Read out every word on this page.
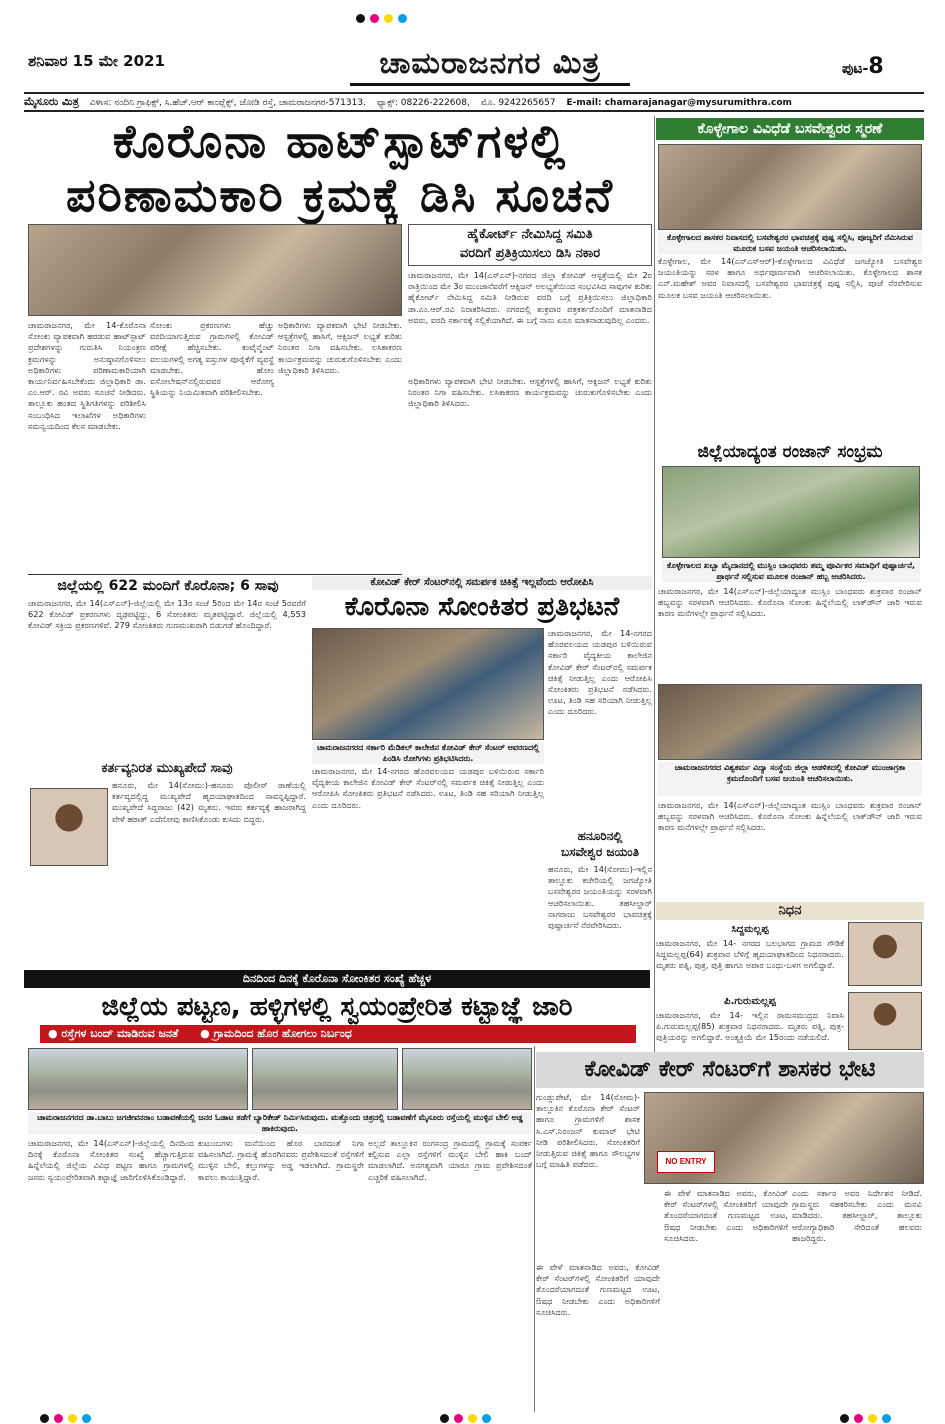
ಶನಿವಾರ 15 ಮೇ 2021	ಚಾಮರಾಜನಗರ ಮಿತ್ರ	ಪುಟ-8
ಮೈಸೂರು ಮಿತ್ರ ವಿಳಾಸ: ನಂದಿನಿ ಗ್ರಾಫಿಕ್ಸ್, ಸಿ.ಹೆಚ್.ಆರ್ ಕಾಂಪ್ಲೆಕ್ಸ್, ಜೋಡಿ ರಸ್ತೆ, ಚಾಮರಾಜನಗರ-571313. ಫ್ಯಾಕ್ಸ್: 08226-222608, ಮೊ. 9242265657 E-mail: chamarajanagar@mysurumithra.com
ಕೊರೊನಾ ಹಾಟ್‌ಸ್ಪಾಟ್‌ಗಳಲ್ಲಿ
ಪರಿಣಾಮಕಾರಿ ಕ್ರಮಕ್ಕೆ ಡಿಸಿ ಸೂಚನೆ
ಹೈಕೋರ್ಟ್ ನೇಮಿಸಿದ್ದ ಸಮಿತಿ
ವರದಿಗೆ ಪ್ರತಿಕ್ರಿಯಿಸಲು ಡಿಸಿ ನಕಾರ
ಚಾಮರಾಜನಗರ, ಮೇ 14(ಎಸ್‌ಎನ್)-ನಗರದ ಜಿಲ್ಲಾ ಕೋವಿಡ್ ಆಸ್ಪತ್ರೆಯಲ್ಲಿ ಮೇ 2ರ ರಾತ್ರಿಯಿಂದ ಮೇ 3ರ ಮುಂಜಾನೆವರೆಗೆ ಆಕ್ಸಿಜನ್ ಅಲಭ್ಯತೆಯಿಂದ ಸಂಭವಿಸಿದ ಸಾವುಗಳ ಕುರಿತು ಹೈಕೋರ್ಟ್ ನೇಮಿಸಿದ್ದ ಸಮಿತಿ ನೀಡಿರುವ ವರದಿ ಬಗ್ಗೆ ಪ್ರತಿಕ್ರಿಯಿಸಲು ಜಿಲ್ಲಾಧಿಕಾರಿ ಡಾ.ಎಂ.ಆರ್.ರವಿ ನಿರಾಕರಿಸಿದರು. ನಗರದಲ್ಲಿ ಶುಕ್ರವಾರ ಪತ್ರಕರ್ತರೊಂದಿಗೆ ಮಾತನಾಡಿದ ಅವರು, ವರದಿ ಸರ್ಕಾರಕ್ಕೆ ಸಲ್ಲಿಕೆಯಾಗಿದೆ. ಈ ಬಗ್ಗೆ ನಾನು ಏನೂ ಮಾತನಾಡುವುದಿಲ್ಲ ಎಂದರು.
ಚಾಮರಾಜನಗರ, ಮೇ 14-ಕೊರೊನಾ ಸೋಂಕು ವ್ಯಾಪಕವಾಗಿ ಹರಡುವ ಹಾಟ್‌ಸ್ಪಾಟ್ ಪ್ರದೇಶಗಳನ್ನು ಗುರುತಿಸಿ ನಿಯಂತ್ರಣ ಕ್ರಮಗಳನ್ನು ಅನುಷ್ಠಾನಗೊಳಿಸಲು ಅಧಿಕಾರಿಗಳು ಪರಿಣಾಮಕಾರಿಯಾಗಿ ಕಾರ್ಯನಿರ್ವಹಿಸಬೇಕೆಂದು ಜಿಲ್ಲಾಧಿಕಾರಿ ಡಾ. ಎಂ.ಆರ್. ರವಿ ಅವರು ಸೂಚನೆ ನೀಡಿದರು. ತಾಲ್ಲೂಕು ಹಂತದ ಸ್ಥಿತಿಗತಿಗಳನ್ನು ಪರಿಶೀಲಿಸಿ ಸಂಬಂಧಿಸಿದ ಇಲಾಖೆಗಳ ಅಧಿಕಾರಿಗಳು ಸಮನ್ವಯದಿಂದ ಕೆಲಸ ಮಾಡಬೇಕು.
ಸೋಂಕು ಪ್ರಕರಣಗಳು ಹೆಚ್ಚು ವರದಿಯಾಗುತ್ತಿರುವ ಗ್ರಾಮಗಳಲ್ಲಿ ಕೋವಿಡ್ ಪರೀಕ್ಷೆ ಹೆಚ್ಚಿಸಬೇಕು. ಕಂಟೈನ್ಮೆಂಟ್ ವಲಯಗಳಲ್ಲಿ ಅಗತ್ಯ ವಸ್ತುಗಳ ಪೂರೈಕೆಗೆ ವ್ಯವಸ್ಥೆ ಮಾಡಬೇಕು. ಹೋಂ ಐಸೋಲೇಷನ್‌ನಲ್ಲಿರುವವರ ಆರೋಗ್ಯ ಸ್ಥಿತಿಯನ್ನು ನಿಯಮಿತವಾಗಿ ಪರಿಶೀಲಿಸಬೇಕು.
ಅಧಿಕಾರಿಗಳು ವ್ಯಾಪಕವಾಗಿ ಭೇಟಿ ನೀಡಬೇಕು. ಆಸ್ಪತ್ರೆಗಳಲ್ಲಿ ಹಾಸಿಗೆ, ಆಕ್ಸಿಜನ್ ಲಭ್ಯತೆ ಕುರಿತು ನಿರಂತರ ನಿಗಾ ವಹಿಸಬೇಕು. ಲಸಿಕಾಕರಣ ಕಾರ್ಯಕ್ರಮವನ್ನು ಚುರುಕುಗೊಳಿಸಬೇಕು ಎಂದು ಜಿಲ್ಲಾಧಿಕಾರಿ ತಿಳಿಸಿದರು.
ಅಧಿಕಾರಿಗಳು ವ್ಯಾಪಕವಾಗಿ ಭೇಟಿ ನೀಡಬೇಕು. ಆಸ್ಪತ್ರೆಗಳಲ್ಲಿ ಹಾಸಿಗೆ, ಆಕ್ಸಿಜನ್ ಲಭ್ಯತೆ ಕುರಿತು ನಿರಂತರ ನಿಗಾ ವಹಿಸಬೇಕು. ಲಸಿಕಾಕರಣ ಕಾರ್ಯಕ್ರಮವನ್ನು ಚುರುಕುಗೊಳಿಸಬೇಕು ಎಂದು ಜಿಲ್ಲಾಧಿಕಾರಿ ತಿಳಿಸಿದರು.
ಕೊಳ್ಳೇಗಾಲ ವಿವಿಧೆಡೆ ಬಸವೇಶ್ವರರ ಸ್ಮರಣೆ
ಕೊಳ್ಳೇಗಾಲದ ಶಾಸಕರ ನಿವಾಸದಲ್ಲಿ ಬಸವೇಶ್ವರರ ಭಾವಚಿತ್ರಕ್ಕೆ ಪುಷ್ಪ ಸಲ್ಲಿಸಿ, ಪೂಜ್ಯರಿಗೆ ನೆಮಿಸಿರುವ ಮೂರುಕ ಬಸವ ಜಯಂತಿ ಆಚರಿಸಲಾಯಿತು.
ಕೊಳ್ಳೇಗಾಲ, ಮೇ 14(ಎನ್‌ಎಸ್‌ಆರ್)-ಕೊಳ್ಳೇಗಾಲದ ವಿವಿಧೆಡೆ ಜಗಜ್ಯೋತಿ ಬಸವೇಶ್ವರ ಜಯಂತಿಯನ್ನು ಸರಳ ಹಾಗೂ ಅರ್ಥಪೂರ್ಣವಾಗಿ ಆಚರಿಸಲಾಯಿತು. ಕೊಳ್ಳೇಗಾಲದ ಶಾಸಕ ಎನ್.ಮಹೇಶ್ ಅವರ ನಿವಾಸದಲ್ಲಿ ಬಸವೇಶ್ವರರ ಭಾವಚಿತ್ರಕ್ಕೆ ಪುಷ್ಪ ಸಲ್ಲಿಸಿ, ಪೂಜೆ ನೆರವೇರಿಸುವ ಮೂಲಕ ಬಸವ ಜಯಂತಿ ಆಚರಿಸಲಾಯಿತು.
ಜಿಲ್ಲೆಯಾದ್ಯಂತ ರಂಜಾನ್ ಸಂಭ್ರಮ
ಕೊಳ್ಳೇಗಾಲದ ಖಬ್ಬಾ ಮೈದಾನದಲ್ಲಿ ಮುಸ್ಲಿಂ ಬಾಂಧವರು ತಮ್ಮ ಪೂರ್ವಿಕರ ಸಮಾಧಿಗೆ ಪುಷ್ಪಾರ್ಚನೆ, ಪ್ರಾರ್ಥನೆ ಸಲ್ಲಿಸುವ ಮೂಲಕ ರಂಜಾನ್ ಹಬ್ಬ ಆಚರಿಸಿದರು.
ಚಾಮರಾಜನಗರ, ಮೇ 14(ಎಸ್‌ಎನ್)-ಜಿಲ್ಲೆಯಾದ್ಯಂತ ಮುಸ್ಲಿಂ ಬಾಂಧವರು ಶುಕ್ರವಾರ ರಂಜಾನ್ ಹಬ್ಬವನ್ನು ಸರಳವಾಗಿ ಆಚರಿಸಿದರು. ಕೊರೊನಾ ಸೋಂಕು ಹಿನ್ನೆಲೆಯಲ್ಲಿ ಲಾಕ್‌ಡೌನ್ ಜಾರಿ ಇರುವ ಕಾರಣ ಮನೆಗಳಲ್ಲೇ ಪ್ರಾರ್ಥನೆ ಸಲ್ಲಿಸಿದರು.
ಚಾಮರಾಜನಗರದ ವಿಶ್ವಕರ್ಮ ವಿದ್ಯಾ ಸಂಸ್ಥೆಯ ಜಿಲ್ಲಾ ಆಡಳಿತದಲ್ಲಿ ಕೋವಿಡ್ ಮುಂಜಾಗ್ರತಾ ಕ್ರಮದೊಂದಿಗೆ ಬಸವ ಜಯಂತಿ ಆಚರಿಸಲಾಯಿತು.
ಚಾಮರಾಜನಗರ, ಮೇ 14(ಎಸ್‌ಎನ್)-ಜಿಲ್ಲೆಯಾದ್ಯಂತ ಮುಸ್ಲಿಂ ಬಾಂಧವರು ಶುಕ್ರವಾರ ರಂಜಾನ್ ಹಬ್ಬವನ್ನು ಸರಳವಾಗಿ ಆಚರಿಸಿದರು. ಕೊರೊನಾ ಸೋಂಕು ಹಿನ್ನೆಲೆಯಲ್ಲಿ ಲಾಕ್‌ಡೌನ್ ಜಾರಿ ಇರುವ ಕಾರಣ ಮನೆಗಳಲ್ಲೇ ಪ್ರಾರ್ಥನೆ ಸಲ್ಲಿಸಿದರು.
ನಿಧನ
ಸಿದ್ದಮಲ್ಲಪ್ಪ
ಚಾಮರಾಜನಗರ, ಮೇ 14- ನಗರದ ಬಲಭಾಗದ ಗ್ರಾಮದ ಗೌಡಿಕೆ ಸಿದ್ದಮಲ್ಲಪ್ಪ(64) ಶುಕ್ರವಾರ ಬೆಳಿಗ್ಗೆ ಹೃದಯಾಘಾತದಿಂದ ನಿಧನರಾದರು. ಮೃತರು ಪತ್ನಿ, ಪುತ್ರ, ಪುತ್ರಿ ಹಾಗೂ ಅಪಾರ ಬಂಧು-ಬಳಗ ಅಗಲಿದ್ದಾರೆ.
ಪಿ.ಗುರುಮಲ್ಲಪ್ಪ
ಚಾಮರಾಜನಗರ, ಮೇ 14- ಇಲ್ಲಿನ ರಾಮಸಮುದ್ರದ ನಿವಾಸಿ ಪಿ.ಗುರುಮಲ್ಲಪ್ಪ(85) ಶುಕ್ರವಾರ ನಿಧನರಾದರು. ಮೃತರು ಪತ್ನಿ, ಪುತ್ರ-ಪುತ್ರಿಯರನ್ನು ಅಗಲಿದ್ದಾರೆ. ಅಂತ್ಯಕ್ರಿಯೆ ಮೇ 15ರಂದು ನಡೆಯಲಿದೆ.
ಜಿಲ್ಲೆಯಲ್ಲಿ 622 ಮಂದಿಗೆ ಕೊರೊನಾ; 6 ಸಾವು
ಚಾಮರಾಜನಗರ, ಮೇ 14(ಎಸ್‌ಎನ್)-ಜಿಲ್ಲೆಯಲ್ಲಿ ಮೇ 13ರ ಸಂಜೆ 5ರಿಂದ ಮೇ 14ರ ಸಂಜೆ 5ರವರೆಗೆ 622 ಕೋವಿಡ್ ಪ್ರಕರಣಗಳು ದೃಢಪಟ್ಟಿದ್ದು, 6 ಸೋಂಕಿತರು ಮೃತಪಟ್ಟಿದ್ದಾರೆ. ಜಿಲ್ಲೆಯಲ್ಲಿ 4,553 ಕೋವಿಡ್ ಸಕ್ರಿಯ ಪ್ರಕರಣಗಳಿವೆ. 279 ಸೋಂಕಿತರು ಗುಣಮುಖರಾಗಿ ಬಿಡುಗಡೆ ಹೊಂದಿದ್ದಾರೆ.
ಕರ್ತವ್ಯನಿರತ ಮುಖ್ಯಪೇದೆ ಸಾವು
ಹನೂರು, ಮೇ 14(ಸೋಮು)-ಹನೂರು ಪೊಲೀಸ್ ಠಾಣೆಯಲ್ಲಿ ಕರ್ತವ್ಯದಲ್ಲಿದ್ದ ಮುಖ್ಯಪೇದೆ ಹೃದಯಾಘಾತದಿಂದ ಸಾವನ್ನಪ್ಪಿದ್ದಾರೆ. ಮುಖ್ಯಪೇದೆ ಸಿದ್ದರಾಜು (42) ಮೃತರು. ಇವರು ಕರ್ತವ್ಯಕ್ಕೆ ಹಾಜರಾಗಿದ್ದ ವೇಳೆ ಹಠಾತ್ ಎದೆನೋವು ಕಾಣಿಸಿಕೊಂಡು ಕುಸಿದು ಬಿದ್ದರು.
ಕೋವಿಡ್ ಕೇರ್ ಸೆಂಟರ್‌ನಲ್ಲಿ ಸಮರ್ಪಕ ಚಿಕಿತ್ಸೆ ಇಲ್ಲವೆಂದು ಆರೋಪಿಸಿ
ಕೊರೊನಾ ಸೋಂಕಿತರ ಪ್ರತಿಭಟನೆ
ಚಾಮರಾಜನಗರದ ಸರ್ಕಾರಿ ಮೆಡಿಕಲ್ ಕಾಲೇಜಿನ ಕೋವಿಡ್ ಕೇರ್ ಸೆಂಟರ್ ಆವರಣದಲ್ಲಿ ಪಿಂಡಿಸಿ ರೋಗಿಗಳು ಪ್ರತಿಭಟಿಸಿದರು.
ಚಾಮರಾಜನಗರ, ಮೇ 14-ನಗರದ ಹೊರವಲಯದ ಯಡಪುರ ಬಳಿಯಿರುವ ಸರ್ಕಾರಿ ವೈದ್ಯಕೀಯ ಕಾಲೇಜಿನ ಕೋವಿಡ್ ಕೇರ್ ಸೆಂಟರ್‌ನಲ್ಲಿ ಸಮರ್ಪಕ ಚಿಕಿತ್ಸೆ ನೀಡುತ್ತಿಲ್ಲ ಎಂದು ಆರೋಪಿಸಿ ಸೋಂಕಿತರು ಪ್ರತಿಭಟನೆ ನಡೆಸಿದರು. ಊಟ, ತಿಂಡಿ ಸಹ ಸರಿಯಾಗಿ ನೀಡುತ್ತಿಲ್ಲ ಎಂದು ದೂರಿದರು.
ಚಾಮರಾಜನಗರ, ಮೇ 14-ನಗರದ ಹೊರವಲಯದ ಯಡಪುರ ಬಳಿಯಿರುವ ಸರ್ಕಾರಿ ವೈದ್ಯಕೀಯ ಕಾಲೇಜಿನ ಕೋವಿಡ್ ಕೇರ್ ಸೆಂಟರ್‌ನಲ್ಲಿ ಸಮರ್ಪಕ ಚಿಕಿತ್ಸೆ ನೀಡುತ್ತಿಲ್ಲ ಎಂದು ಆರೋಪಿಸಿ ಸೋಂಕಿತರು ಪ್ರತಿಭಟನೆ ನಡೆಸಿದರು. ಊಟ, ತಿಂಡಿ ಸಹ ಸರಿಯಾಗಿ ನೀಡುತ್ತಿಲ್ಲ ಎಂದು ದೂರಿದರು.
ಹನೂರಿನಲ್ಲಿ
ಬಸವೇಶ್ವರ ಜಯಂತಿ
ಹನೂರು, ಮೇ 14(ಸೋಮು)-ಇಲ್ಲಿನ ತಾಲ್ಲೂಕು ಕಚೇರಿಯಲ್ಲಿ ಜಗಜ್ಯೋತಿ ಬಸವೇಶ್ವರರ ಜಯಂತಿಯನ್ನು ಸರಳವಾಗಿ ಆಚರಿಸಲಾಯಿತು. ತಹಸೀಲ್ದಾರ್ ನಾಗರಾಜು ಬಸವೇಶ್ವರರ ಭಾವಚಿತ್ರಕ್ಕೆ ಪುಷ್ಪಾರ್ಚನೆ ನೆರವೇರಿಸಿದರು.
ದಿನದಿಂದ ದಿನಕ್ಕೆ ಕೊರೊನಾ ಸೋಂಕಿತರ ಸಂಖ್ಯೆ ಹೆಚ್ಚಳ
ಜಿಲ್ಲೆಯ ಪಟ್ಟಣ, ಹಳ್ಳಿಗಳಲ್ಲಿ ಸ್ವಯಂಪ್ರೇರಿತ ಕಟ್ಟಾಜ್ಞೆ ಜಾರಿ
● ರಸ್ತೆಗಳ ಬಂದ್ ಮಾಡಿರುವ ಜನತೆ ● ಗ್ರಾಮದಿಂದ ಹೊರ ಹೋಗಲು ನಿರ್ಬಂಧ
ಚಾಮರಾಜನಗರದ ಡಾ.ಬಾಬು ಜಗಜೀವನರಾಂ ಬಡಾವಣೆಯಲ್ಲಿ ಜನರ ಓಡಾಟ ತಡೆಗೆ ಬ್ಯಾರಿಕೇಡ್ ನಿರ್ಮಿಸಿರುವುದು. ಮತ್ತೊಂದು ಚಿತ್ರದಲ್ಲಿ ಬಡಾವಣೆಗೆ ಮೈಸೂರು ರಸ್ತೆಯಲ್ಲಿ ಮುಳ್ಳಿನ ಬೇಲಿ ಅಡ್ಡ ಹಾಕಿರುವುದು.
ಚಾಮರಾಜನಗರ, ಮೇ 14(ಎಸ್‌ಎನ್)-ಜಿಲ್ಲೆಯಲ್ಲಿ ದಿನದಿಂದ ದಿನಕ್ಕೆ ಕೊರೊನಾ ಸೋಂಕಿತರ ಸಂಖ್ಯೆ ಹೆಚ್ಚಾಗುತ್ತಿರುವ ಹಿನ್ನೆಲೆಯಲ್ಲಿ ಜಿಲ್ಲೆಯ ವಿವಿಧ ಪಟ್ಟಣ ಹಾಗೂ ಗ್ರಾಮಗಳಲ್ಲಿ ಜನರು ಸ್ವಯಂಪ್ರೇರಿತವಾಗಿ ಕಟ್ಟಾಜ್ಞೆ ಜಾರಿಗೊಳಿಸಿಕೊಂಡಿದ್ದಾರೆ.
ಕುಟುಂಬಗಳು ಮನೆಯಿಂದ ಹೊರ ಬಾರದಂತೆ ನಿಗಾ ವಹಿಸಲಾಗಿದೆ. ಗ್ರಾಮಕ್ಕೆ ಹೊರಗಿನವರು ಪ್ರವೇಶಿಸದಂತೆ ರಸ್ತೆಗಳಿಗೆ ಮುಳ್ಳಿನ ಬೇಲಿ, ಕಲ್ಲುಗಳನ್ನು ಅಡ್ಡ ಇಡಲಾಗಿದೆ. ಗ್ರಾಮಸ್ಥರೇ ಕಾವಲು ಕಾಯುತ್ತಿದ್ದಾರೆ.
ಅಲ್ಲದೆ ತಾಲ್ಲೂಕಿನ ರಂಗಸಂದ್ರ ಗ್ರಾಮದಲ್ಲಿ ಗ್ರಾಮಕ್ಕೆ ಸಂಪರ್ಕ ಕಲ್ಪಿಸುವ ಎಲ್ಲಾ ರಸ್ತೆಗಳಿಗೆ ಮುಳ್ಳಿನ ಬೇಲಿ ಹಾಕಿ ಬಂದ್ ಮಾಡಲಾಗಿದೆ. ಅನಗತ್ಯವಾಗಿ ಯಾರೂ ಗ್ರಾಮ ಪ್ರವೇಶಿಸದಂತೆ ಎಚ್ಚರಿಕೆ ವಹಿಸಲಾಗಿದೆ.
ಕೋವಿಡ್ ಕೇರ್ ಸೆಂಟರ್‌ಗೆ ಶಾಸಕರ ಭೇಟಿ
ಗುಂಡ್ಲುಪೇಟೆ, ಮೇ 14(ಸೋಮ)-ತಾಲ್ಲೂಕಿನ ಕೊರೊನಾ ಕೇರ್ ಸೆಂಟರ್ ಹಾಗೂ ಗ್ರಾಮಗಳಿಗೆ ಶಾಸಕ ಸಿ.ಎಸ್.ನಿರಂಜನ್ ಕುಮಾರ್ ಭೇಟಿ ನೀಡಿ ಪರಿಶೀಲಿಸಿದರು. ಸೋಂಕಿತರಿಗೆ ನೀಡುತ್ತಿರುವ ಚಿಕಿತ್ಸೆ ಹಾಗೂ ಸೌಲಭ್ಯಗಳ ಬಗ್ಗೆ ಮಾಹಿತಿ ಪಡೆದರು.	NO ENTRY
ಈ ವೇಳೆ ಮಾತನಾಡಿದ ಅವರು, ಕೋವಿಡ್ ಕೇರ್ ಸೆಂಟರ್‌ಗಳಲ್ಲಿ ಸೋಂಕಿತರಿಗೆ ಯಾವುದೇ ತೊಂದರೆಯಾಗದಂತೆ ಗುಣಮಟ್ಟದ ಊಟ, ಔಷಧ ನೀಡಬೇಕು ಎಂದು ಅಧಿಕಾರಿಗಳಿಗೆ ಸೂಚಿಸಿದರು.
ಈ ವೇಳೆ ಮಾತನಾಡಿದ ಅವರು, ಕೋವಿಡ್ ಕೇರ್ ಸೆಂಟರ್‌ಗಳಲ್ಲಿ ಸೋಂಕಿತರಿಗೆ ಯಾವುದೇ ತೊಂದರೆಯಾಗದಂತೆ ಗುಣಮಟ್ಟದ ಊಟ, ಔಷಧ ನೀಡಬೇಕು ಎಂದು ಅಧಿಕಾರಿಗಳಿಗೆ ಸೂಚಿಸಿದರು.
ಎಂದು ಸರ್ಕಾರ ಅವರ ನಿರ್ದೇಶನ ನೀಡಿದೆ. ಗ್ರಾಮಸ್ಥರು ಸಹಕರಿಸಬೇಕು ಎಂದು ಮನವಿ ಮಾಡಿದರು. ತಹಸೀಲ್ದಾರ್, ತಾಲ್ಲೂಕು ಆರೋಗ್ಯಾಧಿಕಾರಿ ಸೇರಿದಂತೆ ಹಲವರು ಹಾಜರಿದ್ದರು.
